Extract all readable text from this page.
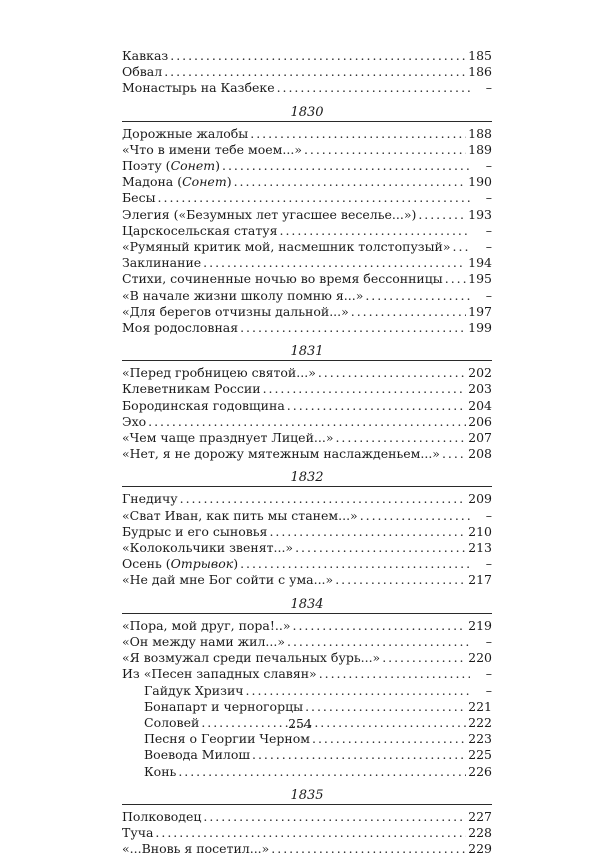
Кавказ . . .	185
Обвал . . .	186
Монастырь на Казбеке . . .	–
1830
Дорожные жалобы . . .	188
«Что в имени тебе моем...» . . .	189
Поэту (Сонет) . . .	–
Мадона (Сонет) . . .	190
Бесы . . .	–
Элегия («Безумных лет угасшее веселье...») . . .	193
Царскосельская статуя . . .	–
«Румяный критик мой, насмешник толстопузый» . . .	–
Заклинание . . .	194
Стихи, сочиненные ночью во время бессонницы . . . 195
«В начале жизни школу помню я...» . . .	–
«Для берегов отчизны дальной...» . . .	197
Моя родословная . . .	199
1831
«Перед гробницею святой...» . . .	202
Клеветникам России . . .	203
Бородинская годовщина . . .	204
Эхо . . .	206
«Чем чаще празднует Лицей...» . . .	207
«Нет, я не дорожу мятежным наслажденьем...» . . . 208
1832
Гнедичу . . .	209
«Сват Иван, как пить мы станем...» . . .	–
Будрыс и его сыновья . . .	210
«Колокольчики звенят...» . . .	213
Осень (Отрывок) . . .	–
«Не дай мне Бог сойти с ума...» . . .	217
1834
«Пора, мой друг, пора!..» . . .	219
«Он между нами жил...» . . .	–
«Я возмужал среди печальных бурь...» . . .	220
Из «Песен западных славян» . . .	–
Гайдук Хризич . . .	–
Бонапарт и черногорцы . . .	221
Соловей . . .	222
Песня о Георгии Черном . . .	223
Воевода Милош . . .	225
Конь . . .	226
1835
Полководец . . .	227
Туча . . .	228
«...Вновь я посетил...» . . .	229
254
